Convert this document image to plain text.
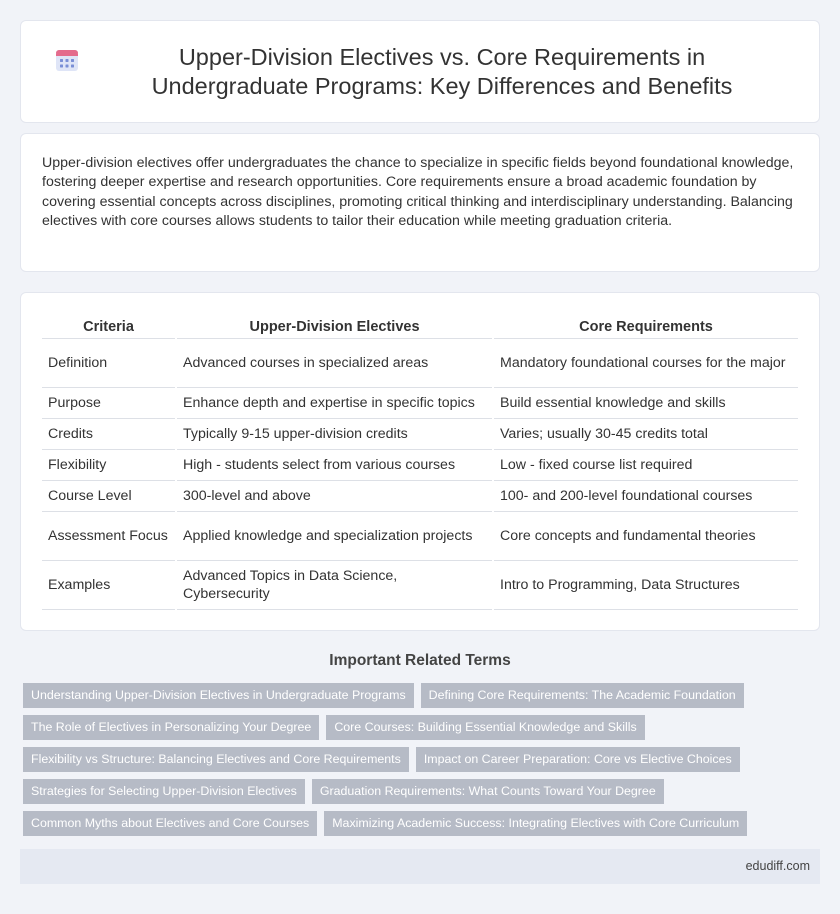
Upper-Division Electives vs. Core Requirements in Undergraduate Programs: Key Differences and Benefits

Upper-division electives offer undergraduates the chance to specialize in specific fields beyond foundational knowledge, fostering deeper expertise and research opportunities. Core requirements ensure a broad academic foundation by covering essential concepts across disciplines, promoting critical thinking and interdisciplinary understanding. Balancing electives with core courses allows students to tailor their education while meeting graduation criteria.

Criteria	Upper-Division Electives	Core Requirements
Definition	Advanced courses in specialized areas	Mandatory foundational courses for the major
Purpose	Enhance depth and expertise in specific topics	Build essential knowledge and skills
Credits	Typically 9-15 upper-division credits	Varies; usually 30-45 credits total
Flexibility	High - students select from various courses	Low - fixed course list required
Course Level	300-level and above	100- and 200-level foundational courses
Assessment Focus	Applied knowledge and specialization projects	Core concepts and fundamental theories
Examples	Advanced Topics in Data Science, Cybersecurity	Intro to Programming, Data Structures
Important Related Terms
Understanding Upper-Division Electives in Undergraduate Programs	Defining Core Requirements: The Academic Foundation
The Role of Electives in Personalizing Your Degree	Core Courses: Building Essential Knowledge and Skills
Flexibility vs Structure: Balancing Electives and Core Requirements	Impact on Career Preparation: Core vs Elective Choices
Strategies for Selecting Upper-Division Electives	Graduation Requirements: What Counts Toward Your Degree
Common Myths about Electives and Core Courses	Maximizing Academic Success: Integrating Electives with Core Curriculum
edudiff.com
